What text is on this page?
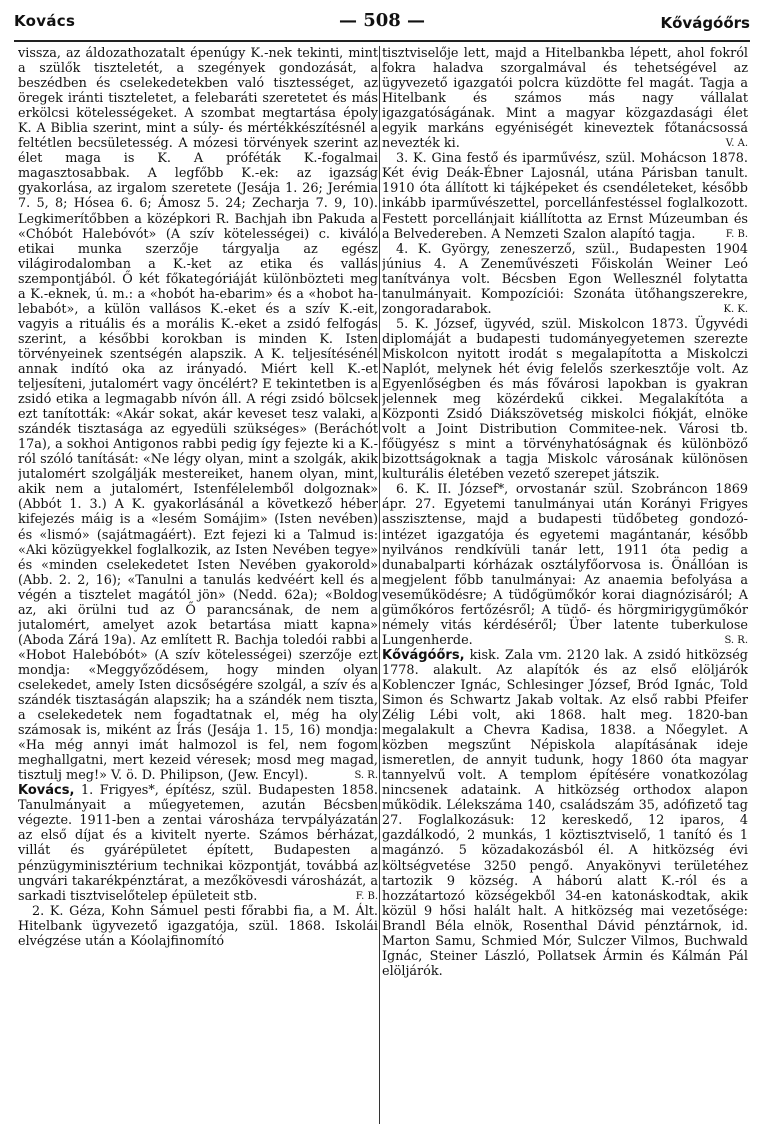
Kovács	— 508 —	Kővágóőrs

vissza, az áldozathozatalt épenúgy K.-nek tekinti, mint a szülők tiszteletét, a szegények gondozását, a beszédben és cselekedetekben való tisztességet, az öregek iránti tiszteletet, a felebaráti szeretetet és más erkölcsi kötelességeket. A szombat megtartása époly K. A Biblia szerint, mint a súly- és mértékkészítésnél a feltétlen becsületesség. A mózesi törvények szerint az élet maga is K. A próféták K.-fogalmai magasztosabbak. A legfőbb K.-ek: az igazság gyakorlása, az irgalom szeretete (Jesája 1. 26; Jerémia 7. 5, 8; Hósea 6. 6; Ámosz 5. 24; Zecharja 7. 9, 10). Legkimerítőbben a középkori R. Bachjah ibn Pakuda a «Chóbót Halebóvót» (A szív kötelességei) c. kiváló etikai munka szerzője tárgyalja az egész világirodalomban a K.-ket az etika és vallás szempontjából. Ő két főkategóriáját különbözteti meg a K.-eknek, ú. m.: a «hobót ha-ebarim» és a «hobot ha-lebabót», a külön vallásos K.-eket és a szív K.-eit, vagyis a rituális és a morális K.-eket a zsidó felfogás szerint, a későbbi korokban is minden K. Isten törvényeinek szentségén alapszik. A K. teljesítésénél annak indító oka az irányadó. Miért kell K.-et teljesíteni, jutalomért vagy öncélért? E tekintetben is a zsidó etika a legmagabb nívón áll. A régi zsidó bölcsek ezt tanították: «Akár sokat, akár keveset tesz valaki, a szándék tisztasága az egyedüli szükséges» (Beráchót 17a), a sokhoi Antigonos rabbi pedig így fejezte ki a K.-ról szóló tanítását: «Ne légy olyan, mint a szolgák, akik jutalomért szolgálják mestereiket, hanem olyan, mint, akik nem a jutalomért, Istenfélelemből dolgoznak» (Abbót 1. 3.) A K. gyakorlásánál a következő héber kifejezés máig is a «lesém Somájim» (Isten nevében) és «lismó» (sajátmagáért). Ezt fejezi ki a Talmud is: «Aki közügyekkel foglalkozik, az Isten Nevében tegye» és «minden cselekedetet Isten Nevében gyakorold» (Abb. 2. 2, 16); «Tanulni a tanulás kedvéért kell és a végén a tisztelet magától jön» (Nedd. 62a); «Boldog az, aki örülni tud az Ő parancsának, de nem a jutalomért, amelyet azok betartása miatt kapna» (Aboda Zárá 19a). Az említett R. Bachja toledói rabbi a «Hobot Halebóbót» (A szív kötelességei) szerzője ezt mondja: «Meggyőződésem, hogy minden olyan cselekedet, amely Isten dicsőségére szolgál, a szív és a szándék tisztaságán alapszik; ha a szándék nem tiszta, a cselekedetek nem fogadtatnak el, még ha oly számosak is, miként az Írás (Jesája 1. 15, 16) mondja: «Ha még annyi imát halmozol is fel, nem fogom meghallgatni, mert kezeid véresek; mosd meg magad, tisztulj meg!» V. ö. D. Philipson, (Jew. Encyl).	S. R.

Kovács, 1. Frigyes*, építész, szül. Budapesten 1858. Tanulmányait a műegyetemen, azután Bécsben végezte. 1911-ben a zentai városháza tervpályázatán az első díjat és a kivitelt nyerte. Számos bérházat, villát és gyárépületet épített, Budapesten a pénzügyminisztérium technikai központját, továbbá az ungvári takarékpénztárat, a mezőkövesdi városházát, a sarkadi tisztviselőtelep épületeit stb.	F. B.

2. K. Géza, Kohn Sámuel pesti főrabbi fia, a M. Ált. Hitelbank ügyvezető igazgatója, szül. 1868. Iskolái elvégzése után a Kóolajfinomító

tisztviselője lett, majd a Hitelbankba lépett, ahol fokról fokra haladva szorgalmával és tehetségével az ügyvezető igazgatói polcra küzdötte fel magát. Tagja a Hitelbank és számos más nagy vállalat igazgatóságának. Mint a magyar közgazdasági élet egyik markáns egyéniségét kineveztek főtanácsossá nevezték ki.	V. A.

3. K. Gina festő és iparművész, szül. Mohácson 1878. Két évig Deák-Ébner Lajosnál, utána Párisban tanult. 1910 óta állított ki tájképeket és csendéleteket, később inkább iparművészettel, porcellánfestéssel foglalkozott. Festett porcellánjait kiállította az Ernst Múzeumban és a Belvedereben. A Nemzeti Szalon alapító tagja.	F. B.

4. K. György, zeneszerző, szül., Budapesten 1904 június 4. A Zeneművészeti Főiskolán Weiner Leó tanítványa volt. Bécsben Egon Wellesznél folytatta tanulmányait. Kompozíciói: Szonáta ütőhangszerekre, zongoradarabok.	K. K.

5. K. József, ügyvéd, szül. Miskolcon 1873. Ügyvédi diplomáját a budapesti tudományegyetemen szerezte Miskolcon nyitott irodát s megalapította a Miskolczi Naplót, melynek hét évig felelős szerkesztője volt. Az Egyenlőségben és más fővárosi lapokban is gyakran jelennek meg közérdekű cikkei. Megalakítóta a Központi Zsidó Diákszövetség miskolci fiókját, elnöke volt a Joint Distribution Commitee-nek. Városi tb. főügyész s mint a törvényhatóságnak és különböző bizottságoknak a tagja Miskolc városának különösen kulturális életében vezető szerepet játszik.

6. K. II. József*, orvostanár szül. Szobráncon 1869 ápr. 27. Egyetemi tanulmányai után Korányi Frigyes asszisztense, majd a budapesti tüdőbeteg gondozó-intézet igazgatója és egyetemi magántanár, később nyilvános rendkívüli tanár lett, 1911 óta pedig a dunabalparti kórházak osztályfőorvosa is. Önállóan is megjelent főbb tanulmányai: Az anaemia befolyása a veseműködésre; A tüdőgümőkór korai diagnózisáról; A gümőkóros fertőzésről; A tüdő- és hörgmirigygümőkór némely vitás kérdéséről; Über latente tuberkulose Lungenherde.	S. R.

Kővágóőrs, kisk. Zala vm. 2120 lak. A zsidó hitközség 1778. alakult. Az alapítók és az első elöljárók Koblenczer Ignác, Schlesinger József, Bród Ignác, Told Simon és Schwartz Jakab voltak. Az első rabbi Pfeifer Zélig Lébi volt, aki 1868. halt meg. 1820-ban megalakult a Chevra Kadisa, 1838. a Nőegylet. A közben megszűnt Népiskola alapításának ideje ismeretlen, de annyit tudunk, hogy 1860 óta magyar tannyelvű volt. A templom építésére vonatkozólag nincsenek adataink. A hitközség orthodox alapon működik. Lélekszáma 140, családszám 35, adófizető tag 27. Foglalkozásuk: 12 kereskedő, 12 iparos, 4 gazdálkodó, 2 munkás, 1 köztisztviselő, 1 tanító és 1 magánzó. 5 közadakozásból él. A hitközség évi költségvetése 3250 pengő. Anyakönyvi területéhez tartozik 9 község. A háború alatt K.-ról és a hozzátartozó községekből 34-en katonáskodtak, akik közül 9 hősi halált halt. A hitközség mai vezetősége: Brandl Béla elnök, Rosenthal Dávid pénztárnok, id. Marton Samu, Schmied Mór, Sulczer Vilmos, Buchwald Ignác, Steiner László, Pollatsek Ármin és Kálmán Pál elöljárók.
